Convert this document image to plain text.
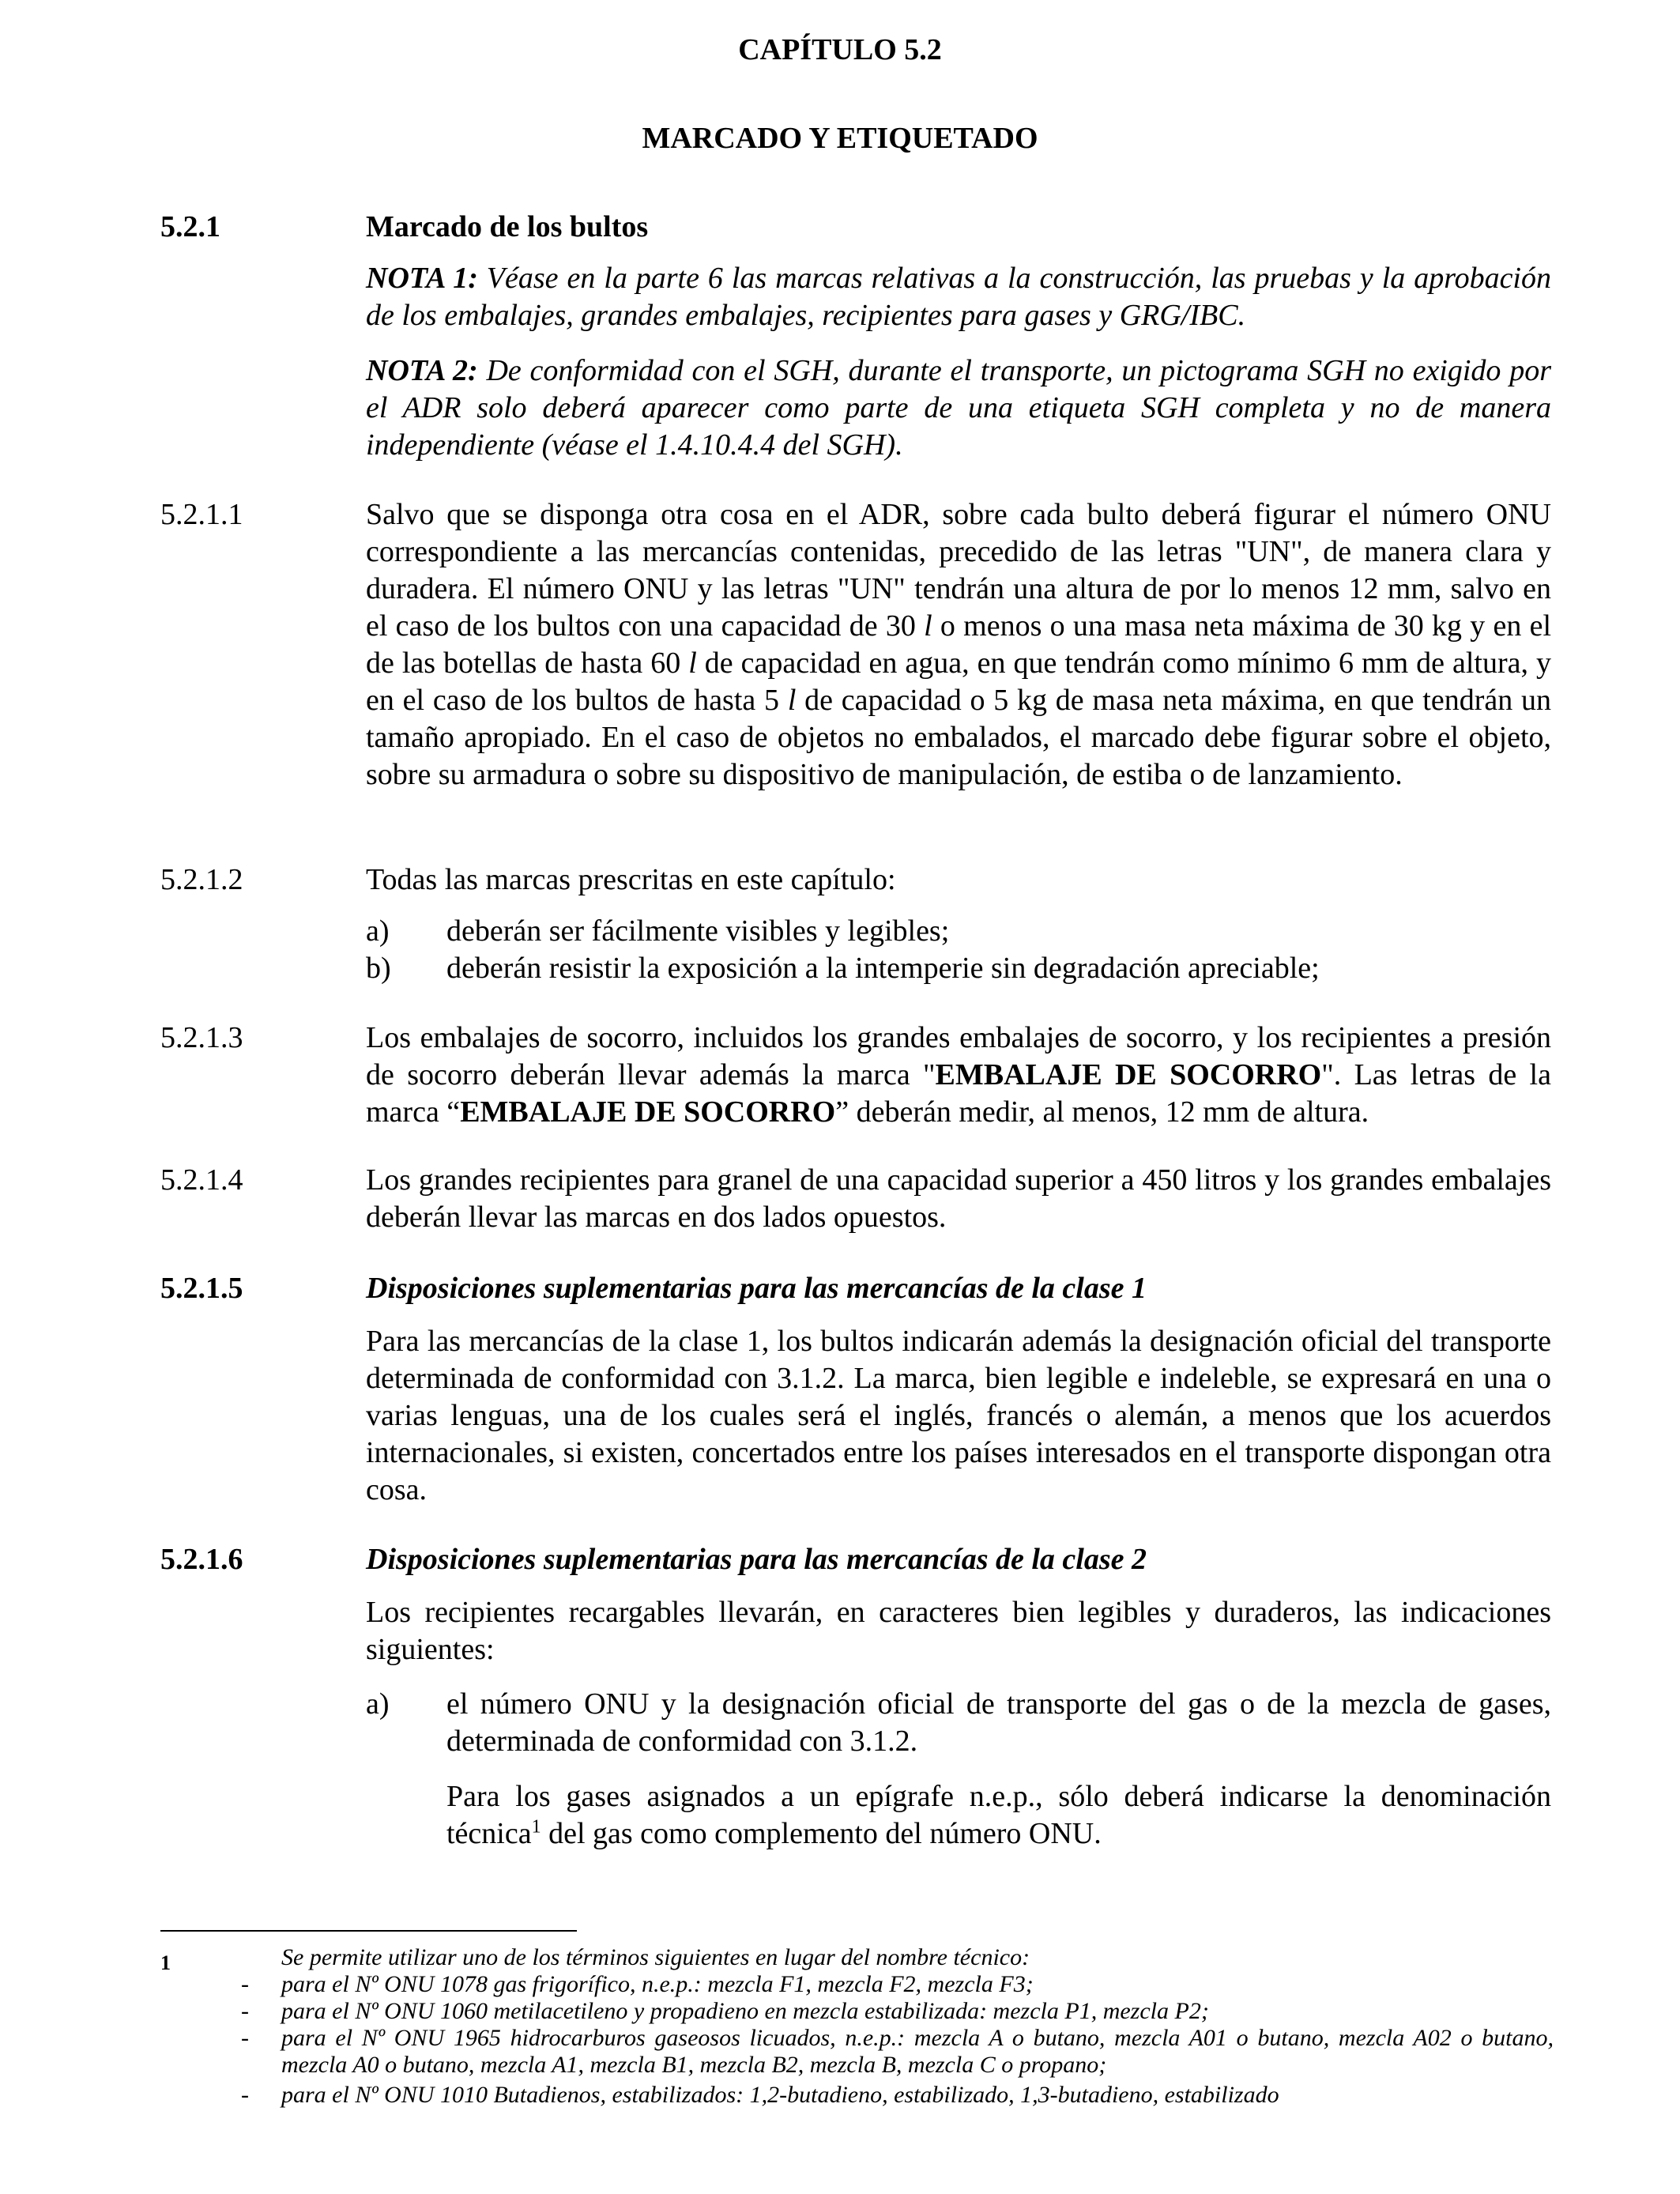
CAPÍTULO 5.2
MARCADO Y ETIQUETADO
5.2.1	Marcado de los bultos
NOTA 1: Véase en la parte 6 las marcas relativas a la construcción, las pruebas y la aprobación de los embalajes, grandes embalajes, recipientes para gases y GRG/IBC.
NOTA 2: De conformidad con el SGH, durante el transporte, un pictograma SGH no exigido por el ADR solo deberá aparecer como parte de una etiqueta SGH completa y no de manera independiente (véase el 1.4.10.4.4 del SGH).
5.2.1.1	Salvo que se disponga otra cosa en el ADR, sobre cada bulto deberá figurar el número ONU correspondiente a las mercancías contenidas, precedido de las letras "UN", de manera clara y duradera. El número ONU y las letras "UN" tendrán una altura de por lo menos 12 mm, salvo en el caso de los bultos con una capacidad de 30 l o menos o una masa neta máxima de 30 kg y en el de las botellas de hasta 60 l de capacidad en agua, en que tendrán como mínimo 6 mm de altura, y en el caso de los bultos de hasta 5 l de capacidad o 5 kg de masa neta máxima, en que tendrán un tamaño apropiado. En el caso de objetos no embalados, el marcado debe figurar sobre el objeto, sobre su armadura o sobre su dispositivo de manipulación, de estiba o de lanzamiento.
5.2.1.2	Todas las marcas prescritas en este capítulo:
a) deberán ser fácilmente visibles y legibles;
b) deberán resistir la exposición a la intemperie sin degradación apreciable;
5.2.1.3	Los embalajes de socorro, incluidos los grandes embalajes de socorro, y los recipientes a presión de socorro deberán llevar además la marca "EMBALAJE DE SOCORRO". Las letras de la marca “EMBALAJE DE SOCORRO” deberán medir, al menos, 12 mm de altura.
5.2.1.4	Los grandes recipientes para granel de una capacidad superior a 450 litros y los grandes embalajes deberán llevar las marcas en dos lados opuestos.
5.2.1.5	Disposiciones suplementarias para las mercancías de la clase 1
Para las mercancías de la clase 1, los bultos indicarán además la designación oficial del transporte determinada de conformidad con 3.1.2. La marca, bien legible e indeleble, se expresará en una o varias lenguas, una de los cuales será el inglés, francés o alemán, a menos que los acuerdos internacionales, si existen, concertados entre los países interesados en el transporte dispongan otra cosa.
5.2.1.6	Disposiciones suplementarias para las mercancías de la clase 2
Los recipientes recargables llevarán, en caracteres bien legibles y duraderos, las indicaciones siguientes:
a)	el número ONU y la designación oficial de transporte del gas o de la mezcla de gases, determinada de conformidad con 3.1.2.
Para los gases asignados a un epígrafe n.e.p., sólo deberá indicarse la denominación técnica$^1$ del gas como complemento del número ONU.
1	Se permite utilizar uno de los términos siguientes en lugar del nombre técnico:
- para el Nº ONU 1078 gas frigorífico, n.e.p.: mezcla F1, mezcla F2, mezcla F3;
- para el Nº ONU 1060 metilacetileno y propadieno en mezcla estabilizada: mezcla P1, mezcla P2;
- para el Nº ONU 1965 hidrocarburos gaseosos licuados, n.e.p.: mezcla A o butano, mezcla A01 o butano, mezcla A02 o butano, mezcla A0 o butano, mezcla A1, mezcla B1, mezcla B2, mezcla B, mezcla C o propano;
- para el Nº ONU 1010 Butadienos, estabilizados: 1,2-butadieno, estabilizado, 1,3-butadieno, estabilizado
